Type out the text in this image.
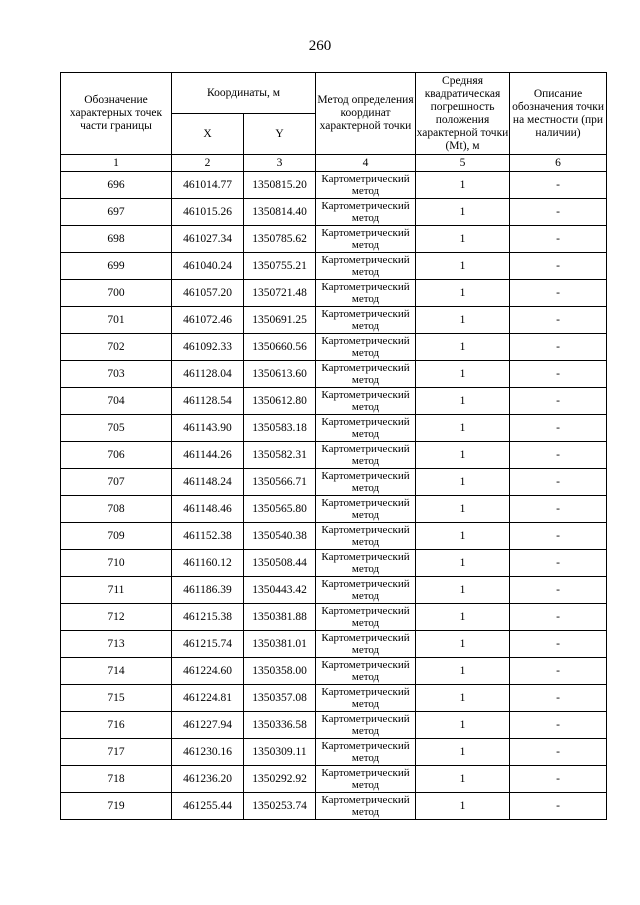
260
Обозначение характерных точек части границы	Координаты, м		Метод определения координат характерной точки	Средняя квадратическая погрешность положения характерной точки (Mt), м	Описание обозначения точки на местности (при наличии)
	X	Y			
1	2	3	4	5	6
696	461014.77	1350815.20	Картометрический метод	1	-
697	461015.26	1350814.40	Картометрический метод	1	-
698	461027.34	1350785.62	Картометрический метод	1	-
699	461040.24	1350755.21	Картометрический метод	1	-
700	461057.20	1350721.48	Картометрический метод	1	-
701	461072.46	1350691.25	Картометрический метод	1	-
702	461092.33	1350660.56	Картометрический метод	1	-
703	461128.04	1350613.60	Картометрический метод	1	-
704	461128.54	1350612.80	Картометрический метод	1	-
705	461143.90	1350583.18	Картометрический метод	1	-
706	461144.26	1350582.31	Картометрический метод	1	-
707	461148.24	1350566.71	Картометрический метод	1	-
708	461148.46	1350565.80	Картометрический метод	1	-
709	461152.38	1350540.38	Картометрический метод	1	-
710	461160.12	1350508.44	Картометрический метод	1	-
711	461186.39	1350443.42	Картометрический метод	1	-
712	461215.38	1350381.88	Картометрический метод	1	-
713	461215.74	1350381.01	Картометрический метод	1	-
714	461224.60	1350358.00	Картометрический метод	1	-
715	461224.81	1350357.08	Картометрический метод	1	-
716	461227.94	1350336.58	Картометрический метод	1	-
717	461230.16	1350309.11	Картометрический метод	1	-
718	461236.20	1350292.92	Картометрический метод	1	-
719	461255.44	1350253.74	Картометрический метод	1	-
